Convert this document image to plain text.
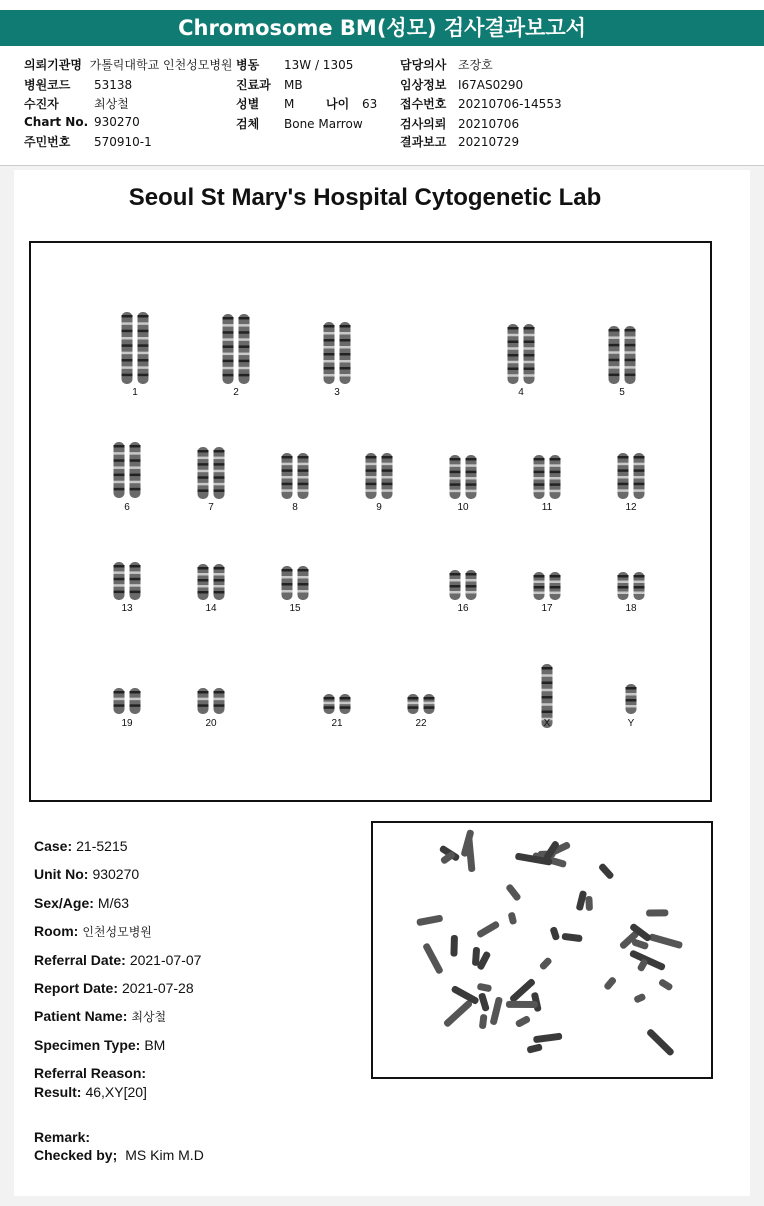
Chromosome BM(성모) 검사결과보고서
의뢰기관명 가톨릭대학교 인천성모병원
병원코드 53138
수진자	최상철
Chart No. 930270
주민번호 570910-1
병동 13W / 1305
진료과 MB
성별 M	나이 63
검체 Bone Marrow
담당의사 조장호
임상정보 I67AS0290
접수번호 20210706-14553
검사의뢰 20210706
결과보고 20210729
Seoul St Mary's Hospital Cytogenetic Lab
1	2	3	4	5
6	7	8	9	10	11	12
13	14	15	16	17	18
19	20	21	22	X	Y
Case: 21-5215
Unit No: 930270
Sex/Age: M/63
Room: 인천성모병원
Referral Date: 2021-07-07
Report Date: 2021-07-28
Patient Name: 최상철
Specimen Type: BM
Referral Reason:
Result: 46,XY[20]
Remark:
Checked by; MS Kim M.D
